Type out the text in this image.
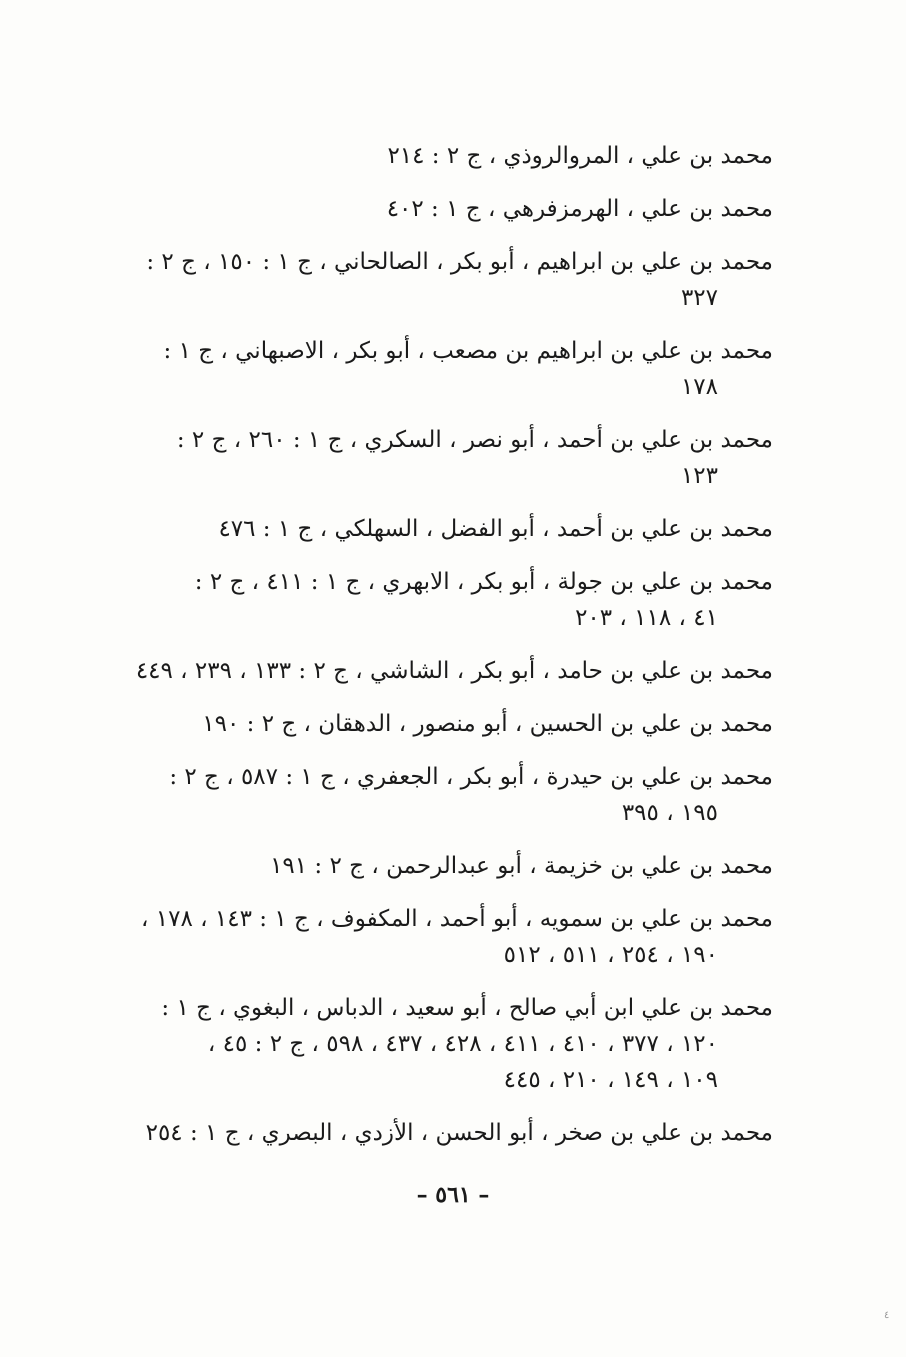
محمد بن علي ، المروالروذي ، ج ٢ : ٢١٤
محمد بن علي ، الهرمزفرهي ، ج ١ : ٤٠٢
محمد بن علي بن ابراهيم ، أبو بكر ، الصالحاني ، ج ١ : ١٥٠ ، ج ٢ :
٣٢٧
محمد بن علي بن ابراهيم بن مصعب ، أبو بكر ، الاصبهاني ، ج ١ :
١٧٨
محمد بن علي بن أحمد ، أبو نصر ، السكري ، ج ١ : ٢٦٠ ، ج ٢ :
١٢٣
محمد بن علي بن أحمد ، أبو الفضل ، السهلكي ، ج ١ : ٤٧٦
محمد بن علي بن جولة ، أبو بكر ، الابهري ، ج ١ : ٤١١ ، ج ٢ :
٤١ ، ١١٨ ، ٢٠٣
محمد بن علي بن حامد ، أبو بكر ، الشاشي ، ج ٢ : ١٣٣ ، ٢٣٩ ، ٤٤٩
محمد بن علي بن الحسين ، أبو منصور ، الدهقان ، ج ٢ : ١٩٠
محمد بن علي بن حيدرة ، أبو بكر ، الجعفري ، ج ١ : ٥٨٧ ، ج ٢ :
١٩٥ ، ٣٩٥
محمد بن علي بن خزيمة ، أبو عبدالرحمن ، ج ٢ : ١٩١
محمد بن علي بن سمويه ، أبو أحمد ، المكفوف ، ج ١ : ١٤٣ ، ١٧٨ ،
١٩٠ ، ٢٥٤ ، ٥١١ ، ٥١٢
محمد بن علي ابن أبي صالح ، أبو سعيد ، الدباس ، البغوي ، ج ١ :
١٢٠ ، ٣٧٧ ، ٤١٠ ، ٤١١ ، ٤٢٨ ، ٤٣٧ ، ٥٩٨ ، ج ٢ : ٤٥ ،
١٠٩ ، ١٤٩ ، ٢١٠ ، ٤٤٥
محمد بن علي بن صخر ، أبو الحسن ، الأزدي ، البصري ، ج ١ : ٢٥٤
– ٥٦١ –
٤
